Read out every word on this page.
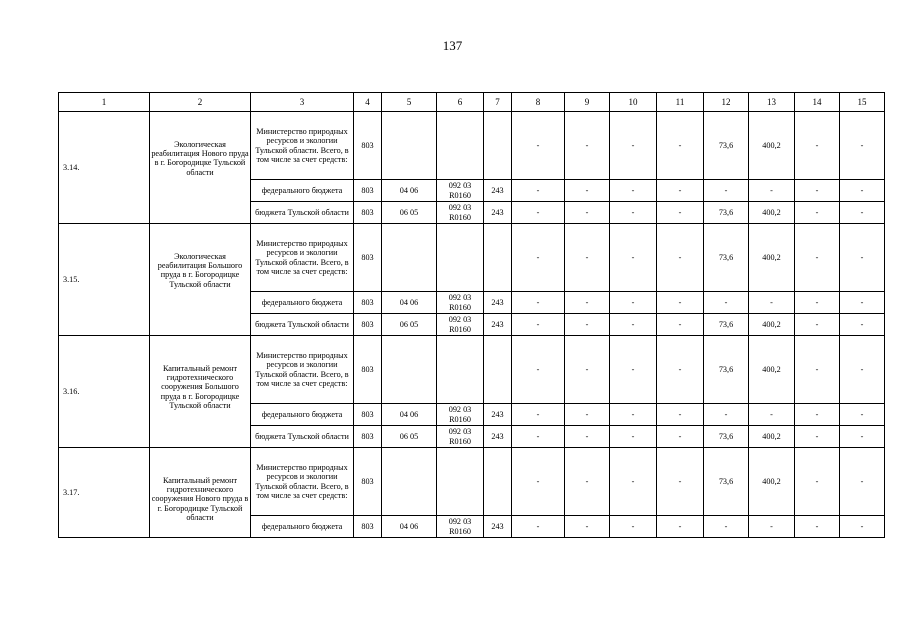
137
1	2	3	4	5	6	7	8	9	10	11	12	13	14	15
3.14.	Экологическая реабилитация Нового пруда в г. Богородицке Тульской области	Министерство природных ресурсов и экологии Тульской области. Всего, в том числе за счет средств:	803				-	-	-	-	73,6	400,2	-	-
		федерального бюджета	803	04 06	092 03 R0160	243	-	-	-	-	-	-	-	-
		бюджета Тульской области	803	06 05	092 03 R0160	243	-	-	-	-	73,6	400,2	-	-
3.15.	Экологическая реабилитация Большого пруда в г. Богородицке Тульской области	Министерство природных ресурсов и экологии Тульской области. Всего, в том числе за счет средств:	803				-	-	-	-	73,6	400,2	-	-
		федерального бюджета	803	04 06	092 03 R0160	243	-	-	-	-	-	-	-	-
		бюджета Тульской области	803	06 05	092 03 R0160	243	-	-	-	-	73,6	400,2	-	-
3.16.	Капитальный ремонт гидротехнического сооружения Большого пруда в г. Богородицке Тульской области	Министерство природных ресурсов и экологии Тульской области. Всего, в том числе за счет средств:	803				-	-	-	-	73,6	400,2	-	-
		федерального бюджета	803	04 06	092 03 R0160	243	-	-	-	-	-	-	-	-
		бюджета Тульской области	803	06 05	092 03 R0160	243	-	-	-	-	73,6	400,2	-	-
3.17.	Капитальный ремонт гидротехнического сооружения Нового пруда в г. Богородицке Тульской области	Министерство природных ресурсов и экологии Тульской области. Всего, в том числе за счет средств:	803				-	-	-	-	73,6	400,2	-	-
		федерального бюджета	803	04 06	092 03 R0160	243	-	-	-	-	-	-	-	-
